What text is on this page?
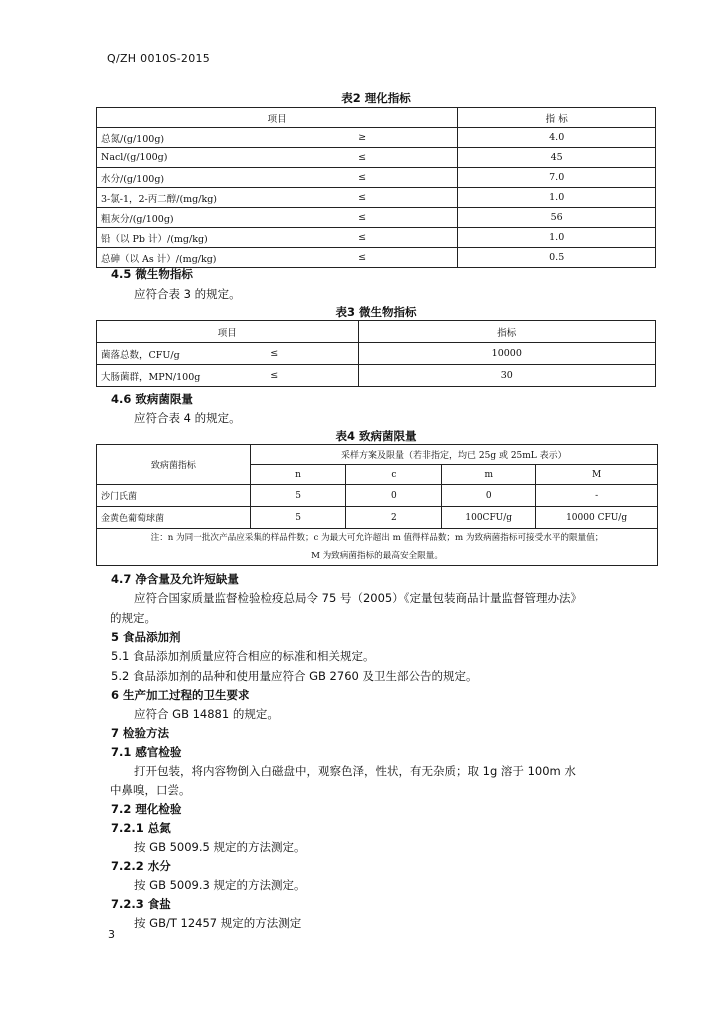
Q/ZH 0010S-2015
表2 理化指标
项目		指 标
总氮/(g/100g)	≥	4.0
Nacl/(g/100g)	≤	45
水分/(g/100g)	≤	7.0
3-氯-1，2-丙二醇/(mg/kg)	≤	1.0
粗灰分/(g/100g)	≤	56
铅（以 Pb 计）/(mg/kg)	≤	1.0
总砷（以 As 计）/(mg/kg)	≤	0.5
4.5 微生物指标
应符合表 3 的规定。
表3 微生物指标
项目		指标
菌落总数，CFU/g	≤	10000
大肠菌群，MPN/100g	≤	30
4.6 致病菌限量
应符合表 4 的规定。
表4 致病菌限量
致病菌指标	采样方案及限量（若非指定，均已 25g 或 25mL 表示）			
	n	c	m	M
沙门氏菌	5	0	0	-
金黄色葡萄球菌	5	2	100CFU/g	10000 CFU/g

注：n 为同一批次产品应采集的样品件数；c 为最大可允许超出 m 值得样品数；m 为致病菌指标可接受水平的限量值；
M 为致病菌指标的最高安全限量。				
4.7 净含量及允许短缺量
应符合国家质量监督检验检疫总局令 75 号（2005）《定量包装商品计量监督管理办法》
的规定。
5 食品添加剂
5.1 食品添加剂质量应符合相应的标准和相关规定。
5.2 食品添加剂的品种和使用量应符合 GB 2760 及卫生部公告的规定。
6 生产加工过程的卫生要求
应符合 GB 14881 的规定。
7 检验方法
7.1 感官检验
打开包装，将内容物倒入白磁盘中，观察色泽，性状，有无杂质；取 1g 溶于 100m 水
中鼻嗅，口尝。
7.2 理化检验
7.2.1 总氮
按 GB 5009.5 规定的方法测定。
7.2.2 水分
按 GB 5009.3 规定的方法测定。
7.2.3 食盐
按 GB/T 12457 规定的方法测定
3
